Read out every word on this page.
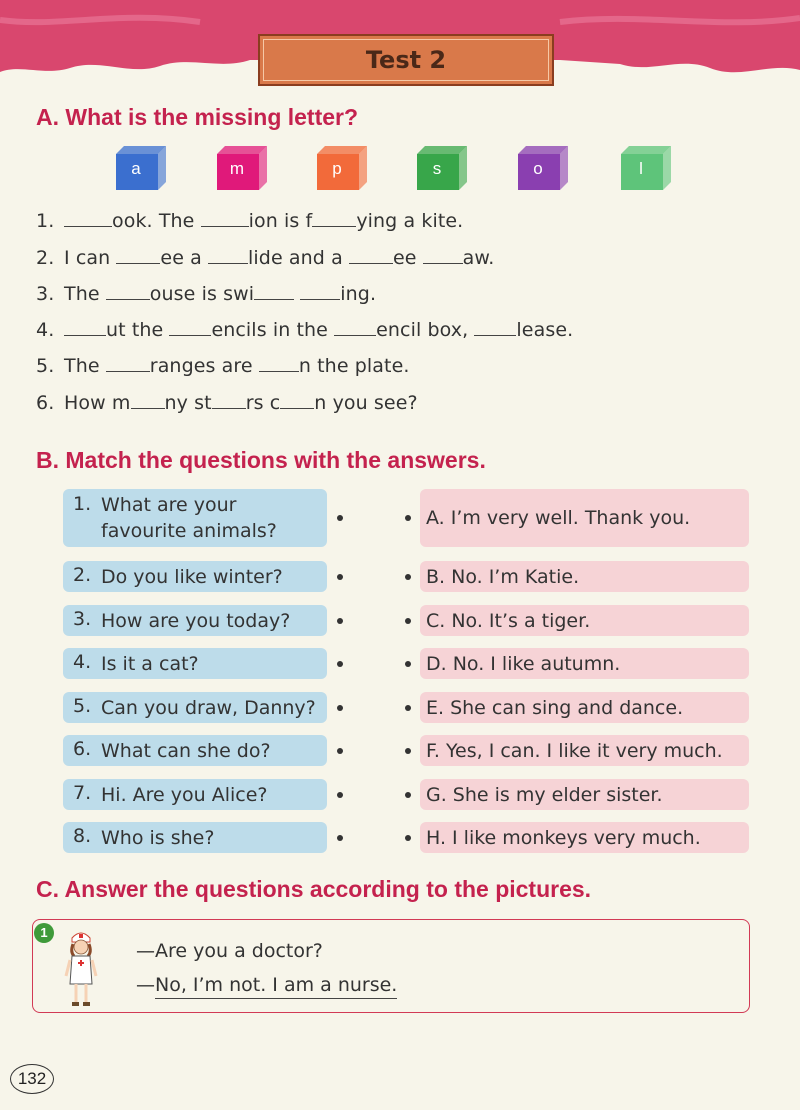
Test 2
A. What is the missing letter?
a	m	p	s	o	l
1.	ook. The	ion is f ying a kite.
2. I can ee a lide and a ee aw.
3. The ouse is swi	ing.
4.	ut the encils in the encil box, lease.
5. The ranges are n the plate.
6. How m ny st rs c n you see?
B. Match the questions with the answers.
1. What are your
favourite animals?
A. I’m very well. Thank you.
2. Do you like winter?	B. No. I’m Katie.
3. How are you today?	C. No. It’s a tiger.
4. Is it a cat?	D. No. I like autumn.
5. Can you draw, Danny?	E. She can sing and dance.
6. What can she do?	F. Yes, I can. I like it very much.
7. Hi. Are you Alice?	G. She is my elder sister.
8. Who is she?	H. I like monkeys very much.
C. Answer the questions according to the pictures.
1
—Are you a doctor?
—No, I’m not. I am a nurse.
132
